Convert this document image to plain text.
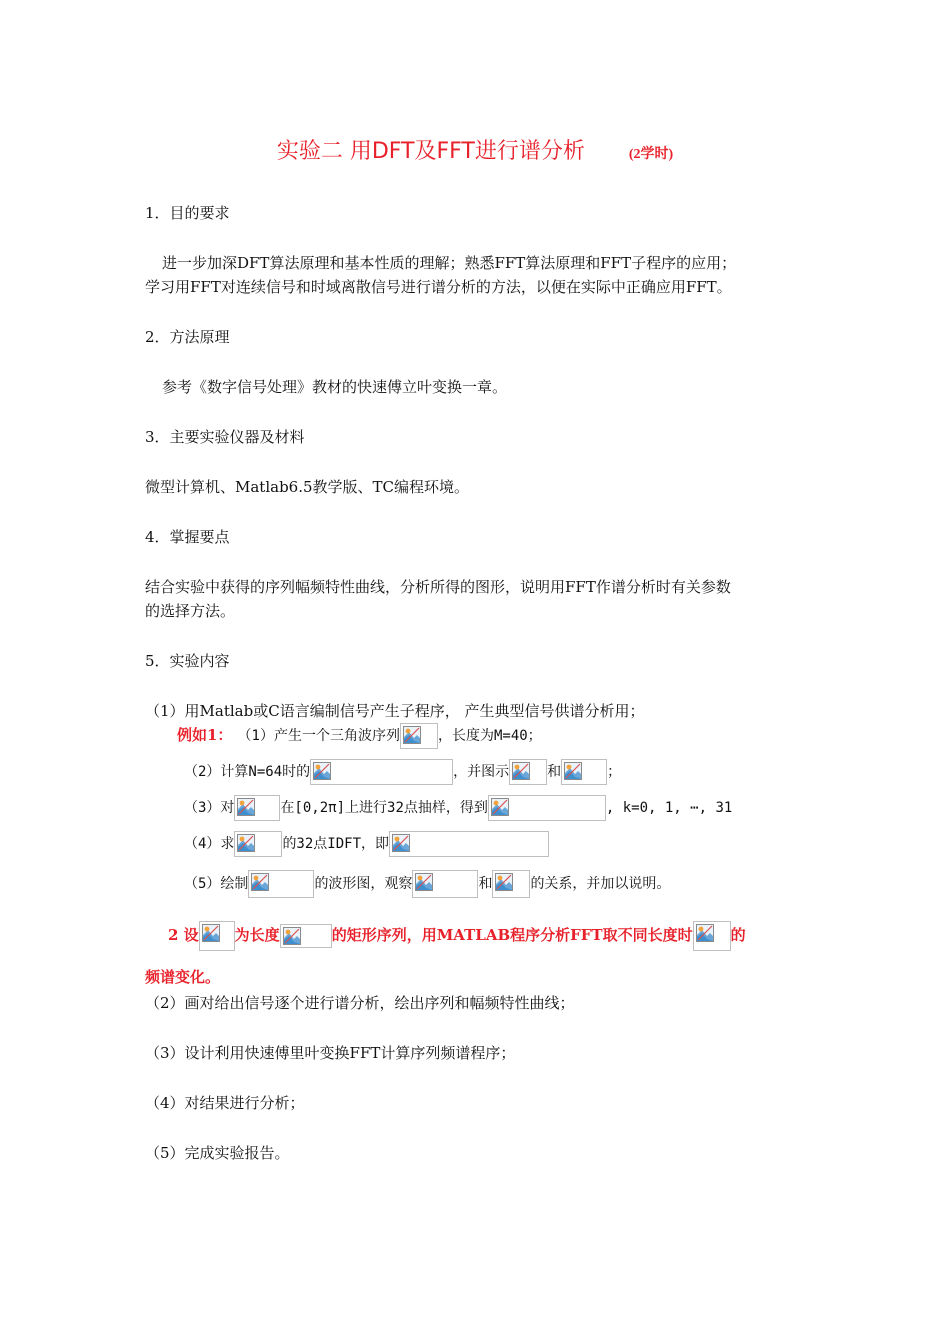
实验二 用DFT及FFT进行谱分析	(2学时)
1．目的要求
进一步加深DFT算法原理和基本性质的理解；熟悉FFT算法原理和FFT子程序的应用；
学习用FFT对连续信号和时域离散信号进行谱分析的方法，以便在实际中正确应用FFT。
2．方法原理
参考《数字信号处理》教材的快速傅立叶变换一章。
3．主要实验仪器及材料
微型计算机、Matlab6.5教学版、TC编程环境。
4．掌握要点
结合实验中获得的序列幅频特性曲线，分析所得的图形，说明用FFT作谱分析时有关参数
的选择方法。
5．实验内容
（1）用Matlab或C语言编制信号产生子程序， 产生典型信号供谱分析用；
例如1： （1）产生一个三角波序列	，长度为M=40；
（2）计算N=64时的	，并图示	和	；
（3）对	在[0,2π]上进行32点抽样，得到	, k=0, 1, ⋯, 31
（4）求	的32点IDFT，即
（5）绘制	的波形图，观察	和	的关系，并加以说明。
2 设 为长度	的矩形序列，用MATLAB程序分析FFT取不同长度时	的
频谱变化。
（2）画对给出信号逐个进行谱分析，绘出序列和幅频特性曲线；
（3）设计利用快速傅里叶变换FFT计算序列频谱程序；
（4）对结果进行分析；
（5）完成实验报告。
